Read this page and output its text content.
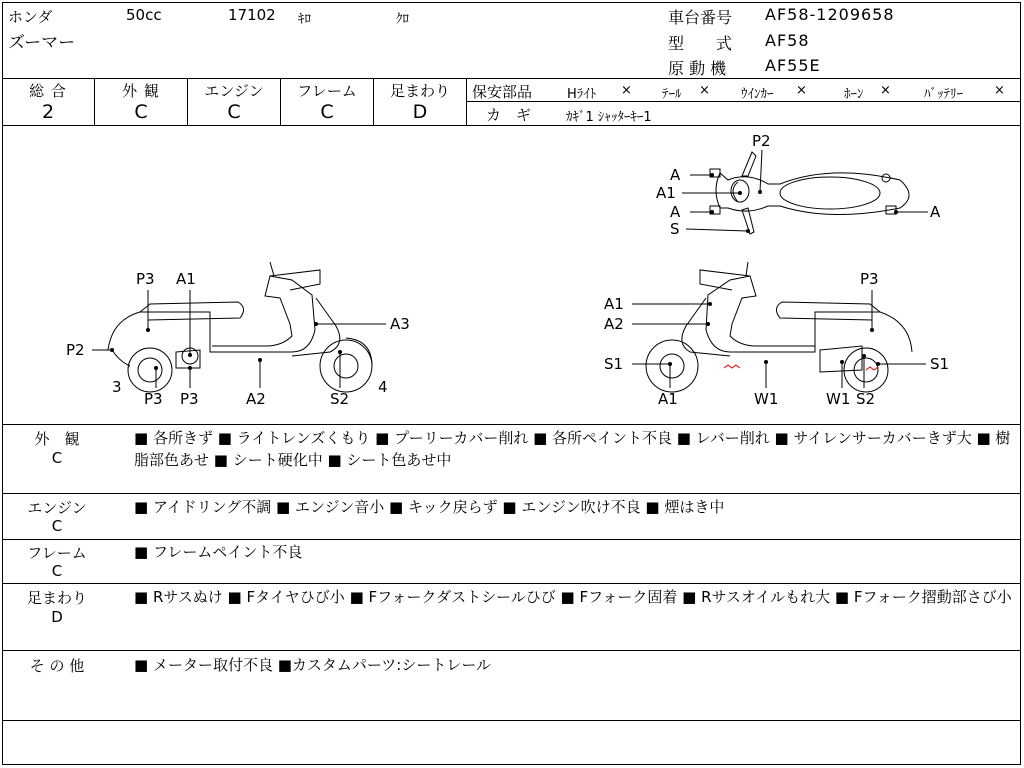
ホンダ	50cc	17102 ｷﾛ	ｸﾛ
ズーマー
車台番号 AF58-1209658
型　　式 AF58
原 動 機 AF55E
総 合
2
外 観
C
エンジン
C
フレーム
C
足まわり
D
保安部品	Hﾗｲﾄ × ﾃｰﾙ × ｳｲﾝｶｰ ×	ﾎｰﾝ ×	ﾊﾞｯﾃﾘｰ ×
カ　ギ	ｶｷﾞ1 ｼｬｯﾀｰｷｰ1
P2
A
A1
A
S
A
P3 A1
A3
P2
3	4
P3 P3	A2	S2
A1
A2
P3
S1	S1
A1	W1	W1 S2
外　観
C
■ 各所きず ■ ライトレンズくもり ■ プーリーカバー削れ ■ 各所ペイント不良 ■ レバー削れ ■ サイレンサーカバーきず大 ■ 樹脂部色あせ ■ シート硬化中 ■ シート色あせ中
エンジン
C
■ アイドリング不調 ■ エンジン音小 ■ キック戻らず ■ エンジン吹け不良 ■ 煙はき中
フレーム
C
■ フレームペイント不良
足まわり
D
■ Rサスぬけ ■ Fタイヤひび小 ■ Fフォークダストシールひび ■ Fフォーク固着 ■ Rサスオイルもれ大 ■ Fフォーク摺動部さび小
そ の 他	■ メーター取付不良 ■カスタムパーツ:シートレール
